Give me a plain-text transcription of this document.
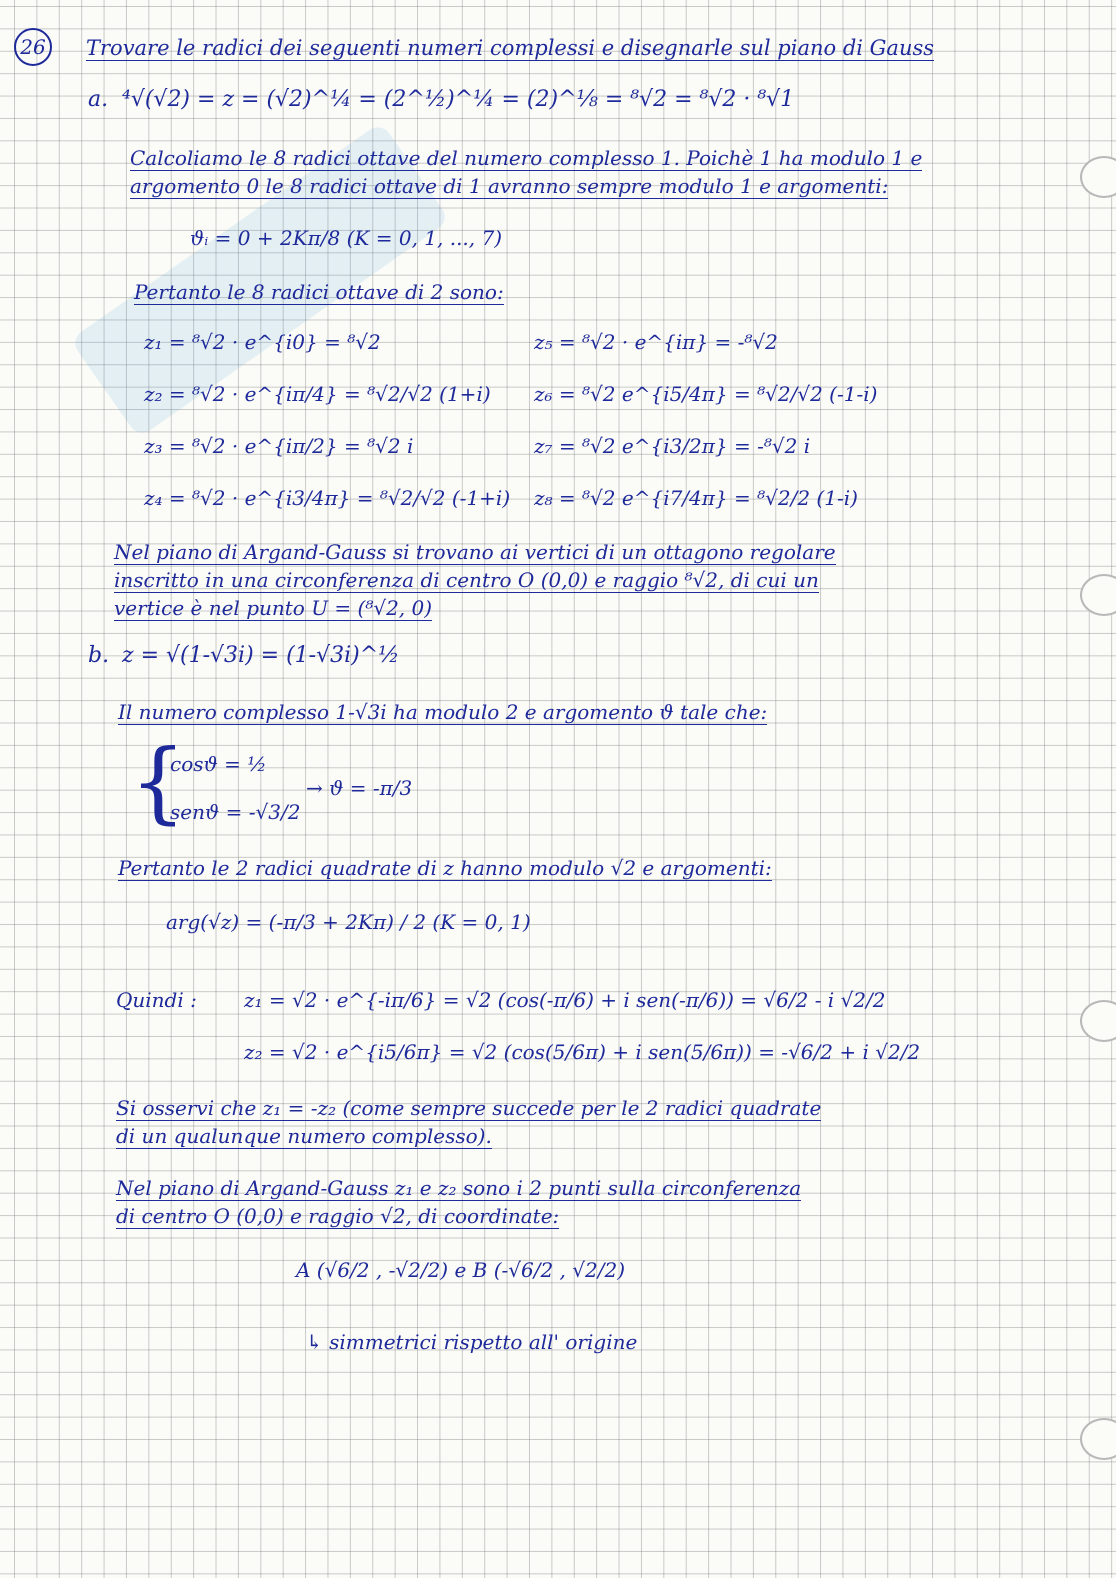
26 Trovare le radici dei seguenti numeri complessi e disegnarle sul piano di Gauss
a. ⁴√(√2) = z = (√2)^¼ = (2^½)^¼ = (2)^⅛ = ⁸√2 = ⁸√2 · ⁸√1
Calcoliamo le 8 radici ottave del numero complesso 1. Poichè 1 ha modulo 1 e
argomento 0 le 8 radici ottave di 1 avranno sempre modulo 1 e argomenti:
ϑᵢ = 0 + 2Kπ/8 (K = 0, 1, ..., 7)
Pertanto le 8 radici ottave di 2 sono:
z₁ = ⁸√2 · e^{i0} = ⁸√2
z₂ = ⁸√2 · e^{iπ/4} = ⁸√2/√2 (1+i)
z₃ = ⁸√2 · e^{iπ/2} = ⁸√2 i
z₄ = ⁸√2 · e^{i3/4π} = ⁸√2/√2 (-1+i)
z₅ = ⁸√2 · e^{iπ} = -⁸√2
z₆ = ⁸√2 e^{i5/4π} = ⁸√2/√2 (-1-i)
z₇ = ⁸√2 e^{i3/2π} = -⁸√2 i
z₈ = ⁸√2 e^{i7/4π} = ⁸√2/2 (1-i)
Nel piano di Argand-Gauss si trovano ai vertici di un ottagono regolare
inscritto in una circonferenza di centro O (0,0) e raggio ⁸√2, di cui un
vertice è nel punto U = (⁸√2, 0)
b. z = √(1-√3i) = (1-√3i)^½
Il numero complesso 1-√3i ha modulo 2 e argomento ϑ tale che:
{
cosϑ = ½
senϑ = -√3/2
→ ϑ = -π/3
Pertanto le 2 radici quadrate di z hanno modulo √2 e argomenti:
arg(√z) = (-π/3 + 2Kπ) / 2 (K = 0, 1)
Quindi : z₁ = √2 · e^{-iπ/6} = √2 (cos(-π/6) + i sen(-π/6)) = √6/2 - i √2/2
z₂ = √2 · e^{i5/6π} = √2 (cos(5/6π) + i sen(5/6π)) = -√6/2 + i √2/2
Si osservi che z₁ = -z₂ (come sempre succede per le 2 radici quadrate
di un qualunque numero complesso).
Nel piano di Argand-Gauss z₁ e z₂ sono i 2 punti sulla circonferenza
di centro O (0,0) e raggio √2, di coordinate:
A (√6/2 , -√2/2) e B (-√6/2 , √2/2)
↳ simmetrici rispetto all' origine
